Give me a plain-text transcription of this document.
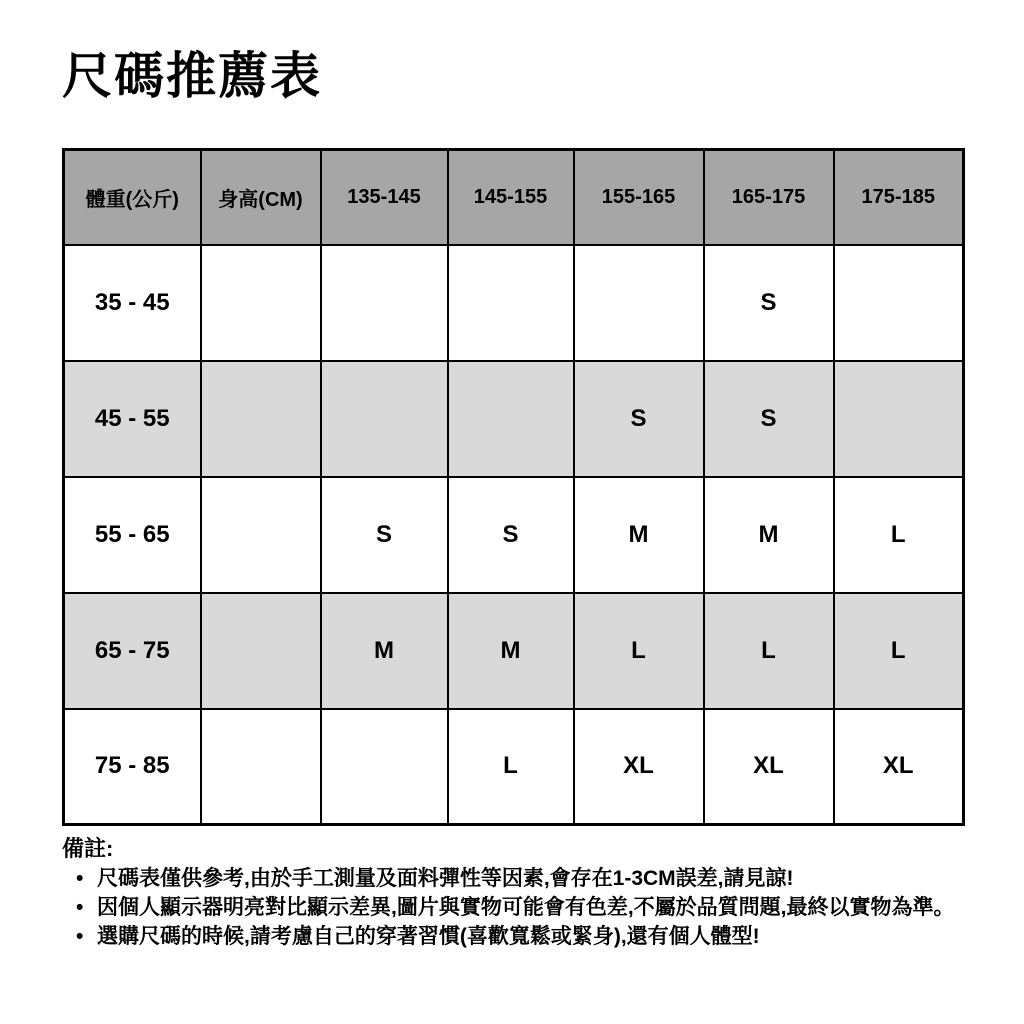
尺碼推薦表
體重(公斤)	身高(CM)	135-145	145-155	155-165	165-175	175-185
35 - 45					S	
45 - 55				S	S	
55 - 65		S	S	M	M	L
65 - 75		M	M	L	L	L
75 - 85			L	XL	XL	XL

備註:

• 尺碼表僅供參考,由於手工測量及面料彈性等因素,會存在1-3CM誤差,請見諒!
• 因個人顯示器明亮對比顯示差異,圖片與實物可能會有色差,不屬於品質問題,最終以實物為準。
• 選購尺碼的時候,請考慮自己的穿著習慣(喜歡寬鬆或緊身),還有個人體型!
